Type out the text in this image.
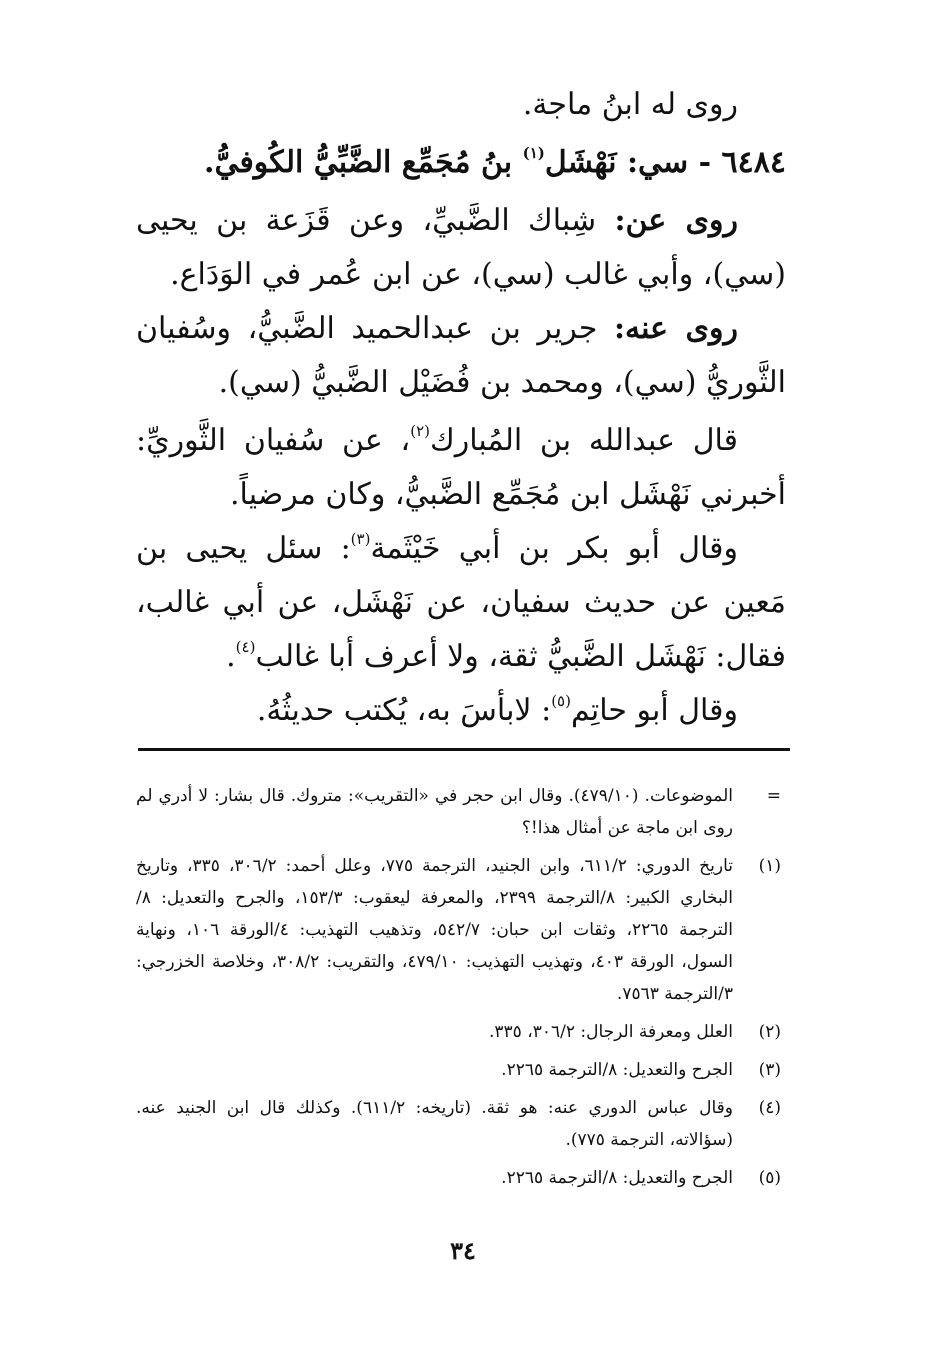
روى له ابنُ ماجة.

٦٤٨٤ - سي: نَهْشَل$^{(١)}$ بنُ مُجَمِّع الضَّبِّيُّ الكُوفيُّ.

روى عن: شِباك الضَّبيِّ، وعن قَزَعة بن يحيى (سي)، وأبي غالب (سي)، عن ابن عُمر في الوَدَاع.

روى عنه: جرير بن عبدالحميد الضَّبيُّ، وسُفيان الثَّوريُّ (سي)، ومحمد بن فُضَيْل الضَّبيُّ (سي).

قال عبدالله بن المُبارك$^{(٢)}$، عن سُفيان الثَّوريِّ: أخبرني نَهْشَل ابن مُجَمِّع الضَّبيُّ، وكان مرضياً.

وقال أبو بكر بن أبي خَيْثَمة$^{(٣)}$: سئل يحيى بن مَعين عن حديث سفيان، عن نَهْشَل، عن أبي غالب، فقال: نَهْشَل الضَّبيُّ ثقة، ولا أعرف أبا غالب$^{(٤)}$.

وقال أبو حاتِم$^{(٥)}$: لابأسَ به، يُكتب حديثُهُ.

=
الموضوعات. (٤٧٩/١٠). وقال ابن حجر في «التقريب»: متروك. قال بشار: لا أدري لم روى ابن ماجة عن أمثال هذا!؟
(١)
تاريخ الدوري: ٦١١/٢، وابن الجنيد، الترجمة ٧٧٥، وعلل أحمد: ٣٠٦/٢، ٣٣٥، وتاريخ البخاري الكبير: ٨/الترجمة ٢٣٩٩، والمعرفة ليعقوب: ١٥٣/٣، والجرح والتعديل: ٨/الترجمة ٢٢٦٥، وثقات ابن حبان: ٥٤٢/٧، وتذهيب التهذيب: ٤/الورقة ١٠٦، ونهاية السول، الورقة ٤٠٣، وتهذيب التهذيب: ٤٧٩/١٠، والتقريب: ٣٠٨/٢، وخلاصة الخزرجي: ٣/الترجمة ٧٥٦٣.
(٢)
العلل ومعرفة الرجال: ٣٠٦/٢، ٣٣٥.
(٣)
الجرح والتعديل: ٨/الترجمة ٢٢٦٥.
(٤)
وقال عباس الدوري عنه: هو ثقة. (تاريخه: ٦١١/٢). وكذلك قال ابن الجنيد عنه. (سؤالاته، الترجمة ٧٧٥).
(٥)
الجرح والتعديل: ٨/الترجمة ٢٢٦٥.
٣٤
